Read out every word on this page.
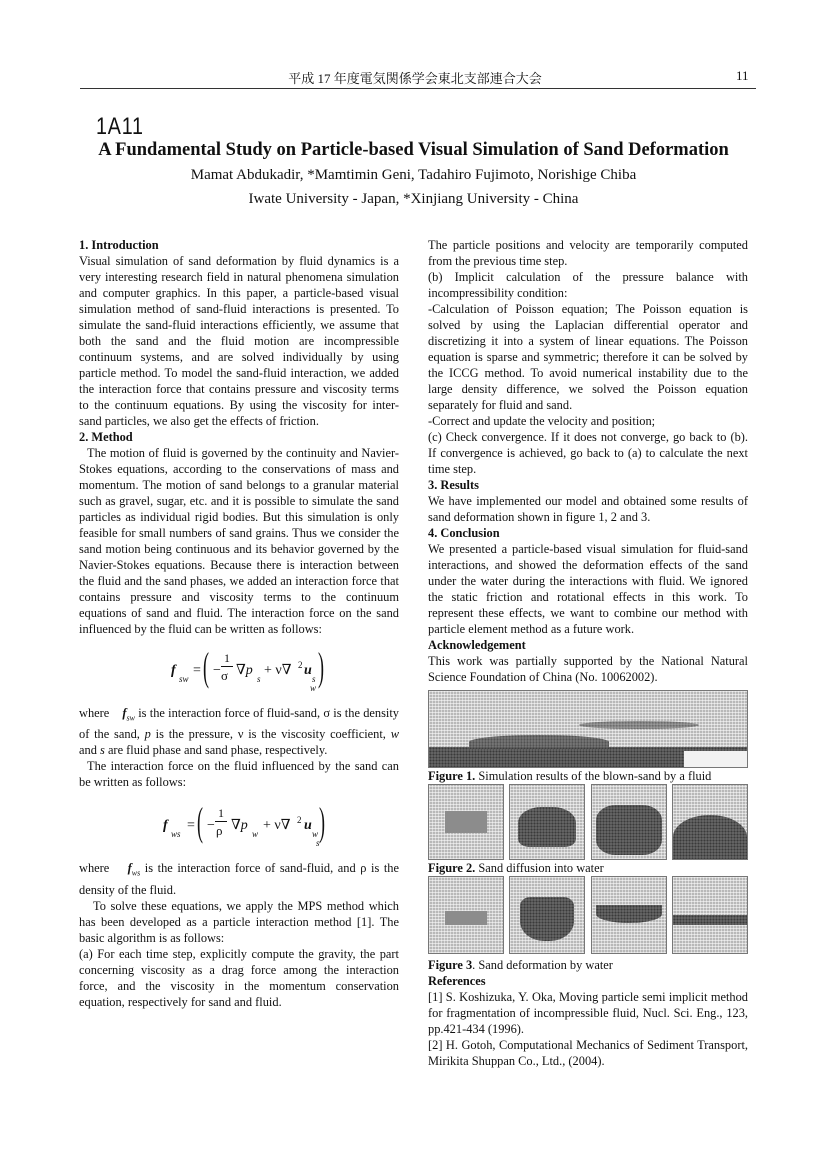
平成 17 年度電気関係学会東北支部連合大会	11
1A11
A Fundamental Study on Particle-based Visual Simulation of Sand Deformation
Mamat Abdukadir, *Mamtimin Geni, Tadahiro Fujimoto, Norishige Chiba
Iwate University - Japan, *Xinjiang University - China

1. Introduction

Visual simulation of sand deformation by fluid dynamics is a very interesting research field in natural phenomena simulation and computer graphics. In this paper, a particle-based visual simulation method of sand-fluid interactions is presented. To simulate the sand-fluid interactions efficiently, we assume that both the sand and the fluid motion are incompressible continuum systems, and are solved individually by using particle method. To model the sand-fluid interaction, we added the interaction force that contains pressure and viscosity terms to the continuum equations. By using the viscosity for inter-sand particles, we also get the effects of friction.

2. Method

The motion of fluid is governed by the continuity and Navier-Stokes equations, according to the conservations of mass and momentum. The motion of sand belongs to a granular material such as gravel, sugar, etc. and it is possible to simulate the sand particles as individual rigid bodies. But this simulation is only feasible for small numbers of sand grains. Thus we consider the sand motion being continuous and its behavior governed by the Navier-Stokes equations. Because there is interaction between the fluid and the sand phases, we added an interaction force that contains pressure and viscosity terms to the continuum equations of sand and fluid. The interaction force on the sand influenced by the fluid can be written as follows:

f
sw
= ( −
1
σ ∇p
s
+ ν∇ 2 u
s )
w

where $f_{sw}$ is the interaction force of fluid-sand, σ is the density of the sand, p is the pressure, ν is the viscosity coefficient, w and s are fluid phase and sand phase, respectively.

The interaction force on the fluid influenced by the sand can be written as follows:

f
ws
= ( −
1
ρ ∇p
w
+ ν∇ 2 u
w )
s

where $f_{ws}$ is the interaction force of sand-fluid, and ρ is the density of the fluid.

To solve these equations, we apply the MPS method which has been developed as a particle interaction method [1]. The basic algorithm is as follows:

(a) For each time step, explicitly compute the gravity, the part concerning viscosity as a drag force among the interaction force, and the viscosity in the momentum conservation equation, respectively for sand and fluid.

The particle positions and velocity are temporarily computed from the previous time step.

(b) Implicit calculation of the pressure balance with incompressibility condition:

-Calculation of Poisson equation; The Poisson equation is solved by using the Laplacian differential operator and discretizing it into a system of linear equations. The Poisson equation is sparse and symmetric; therefore it can be solved by the ICCG method. To avoid numerical instability due to the large density difference, we solved the Poisson equation separately for fluid and sand.

-Correct and update the velocity and position;

(c) Check convergence. If it does not converge, go back to (b). If convergence is achieved, go back to (a) to calculate the next time step.

3. Results

We have implemented our model and obtained some results of sand deformation shown in figure 1, 2 and 3.

4. Conclusion

We presented a particle-based visual simulation for fluid-sand interactions, and showed the deformation effects of the sand under the water during the interactions with fluid. We ignored the static friction and rotational effects in this work. To represent these effects, we want to combine our method with particle element method as a future work.

Acknowledgement

This work was partially supported by the National Natural Science Foundation of China (No. 10062002).

Figure 1. Simulation results of the blown-sand by a fluid

Figure 2. Sand diffusion into water

Figure 3. Sand deformation by water

References

[1] S. Koshizuka, Y. Oka, Moving particle semi implicit method for fragmentation of incompressible fluid, Nucl. Sci. Eng., 123, pp.421-434 (1996).

[2] H. Gotoh, Computational Mechanics of Sediment Transport, Mirikita Shuppan Co., Ltd., (2004).
